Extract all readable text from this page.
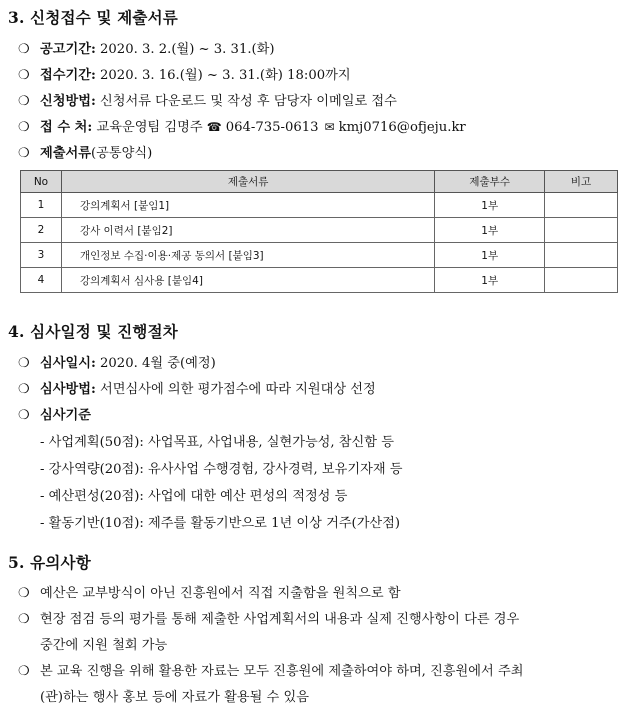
3. 신청접수 및 제출서류
❍ 공고기간: 2020. 3. 2.(월) ~ 3. 31.(화)
❍ 접수기간: 2020. 3. 16.(월) ~ 3. 31.(화) 18:00까지
❍ 신청방법: 신청서류 다운로드 및 작성 후 담당자 이메일로 접수
❍ 접 수 처: 교육운영팀 김명주 ☎ 064-735-0613 ✉ kmj0716@ofjeju.kr
❍ 제출서류(공통양식)
No	제출서류	제출부수	비고
1	강의계획서 [붙임1]	1부	
2	강사 이력서 [붙임2]	1부	
3	개인정보 수집·이용·제공 동의서 [붙임3]	1부	
4	강의계획서 심사용 [붙임4]	1부	
4. 심사일정 및 진행절차
❍ 심사일시: 2020. 4월 중(예정)
❍ 심사방법: 서면심사에 의한 평가점수에 따라 지원대상 선정
❍ 심사기준
- 사업계획(50점): 사업목표, 사업내용, 실현가능성, 참신함 등
- 강사역량(20점): 유사사업 수행경험, 강사경력, 보유기자재 등
- 예산편성(20점): 사업에 대한 예산 편성의 적정성 등
- 활동기반(10점): 제주를 활동기반으로 1년 이상 거주(가산점)
5. 유의사항
❍ 예산은 교부방식이 아닌 진흥원에서 직접 지출함을 원칙으로 함
❍ 현장 점검 등의 평가를 통해 제출한 사업계획서의 내용과 실제 진행사항이 다른 경우
중간에 지원 철회 가능
❍ 본 교육 진행을 위해 활용한 자료는 모두 진흥원에 제출하여야 하며, 진흥원에서 주최
(관)하는 행사 홍보 등에 자료가 활용될 수 있음
